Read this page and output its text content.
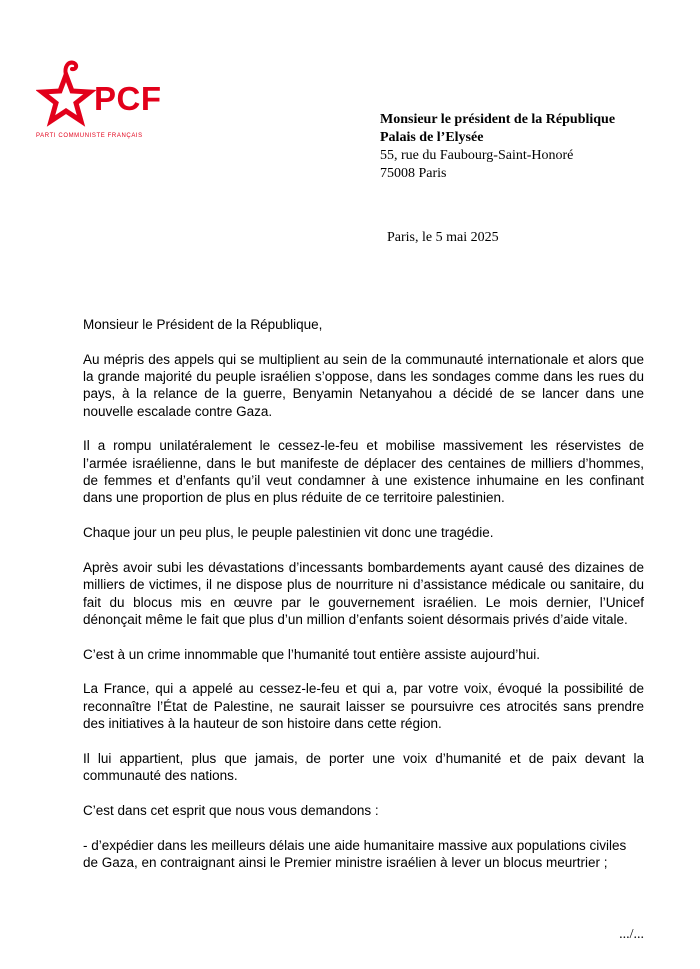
PCF
PARTI COMMUNISTE FRANÇAIS
Monsieur le président de la République
Palais de l’Elysée
55, rue du Faubourg-Saint-Honoré
75008 Paris
Paris, le 5 mai 2025

Monsieur le Président de la République,

Au mépris des appels qui se multiplient au sein de la communauté internationale et alors que la grande majorité du peuple israélien s’oppose, dans les sondages comme dans les rues du pays, à la relance de la guerre, Benyamin Netanyahou a décidé de se lancer dans une nouvelle escalade contre Gaza.

Il a rompu unilatéralement le cessez-le-feu et mobilise massivement les réservistes de l’armée israélienne, dans le but manifeste de déplacer des centaines de milliers d’hommes, de femmes et d’enfants qu’il veut condamner à une existence inhumaine en les confinant dans une proportion de plus en plus réduite de ce territoire palestinien.

Chaque jour un peu plus, le peuple palestinien vit donc une tragédie.

Après avoir subi les dévastations d’incessants bombardements ayant causé des dizaines de milliers de victimes, il ne dispose plus de nourriture ni d’assistance médicale ou sanitaire, du fait du blocus mis en œuvre par le gouvernement israélien. Le mois dernier, l’Unicef dénonçait même le fait que plus d’un million d’enfants soient désormais privés d’aide vitale.

C’est à un crime innommable que l’humanité tout entière assiste aujourd’hui.

La France, qui a appelé au cessez-le-feu et qui a, par votre voix, évoqué la possibilité de reconnaître l’État de Palestine, ne saurait laisser se poursuivre ces atrocités sans prendre des initiatives à la hauteur de son histoire dans cette région.

Il lui appartient, plus que jamais, de porter une voix d’humanité et de paix devant la communauté des nations.

C’est dans cet esprit que nous vous demandons :

- d’expédier dans les meilleurs délais une aide humanitaire massive aux populations civiles de Gaza, en contraignant ainsi le Premier ministre israélien à lever un blocus meurtrier ;

.../...
